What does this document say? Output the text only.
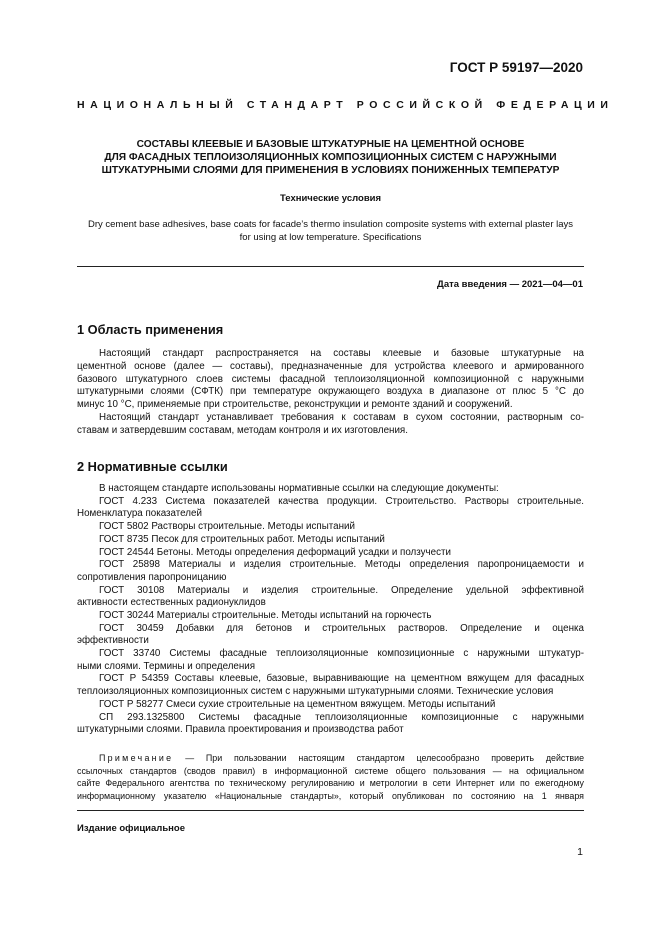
ГОСТ Р 59197—2020
НАЦИОНАЛЬНЫЙ СТАНДАРТ РОССИЙСКОЙ ФЕДЕРАЦИИ
СОСТАВЫ КЛЕЕВЫЕ И БАЗОВЫЕ ШТУКАТУРНЫЕ НА ЦЕМЕНТНОЙ ОСНОВЕ
ДЛЯ ФАСАДНЫХ ТЕПЛОИЗОЛЯЦИОННЫХ КОМПОЗИЦИОННЫХ СИСТЕМ С НАРУЖНЫМИ
ШТУКАТУРНЫМИ СЛОЯМИ ДЛЯ ПРИМЕНЕНИЯ В УСЛОВИЯХ ПОНИЖЕННЫХ ТЕМПЕРАТУР
Технические условия
Dry cement base adhesives, base coats for facade’s thermo insulation composite systems with external plaster lays
for using at low temperature. Specifications
Дата введения — 2021—04—01
1 Область применения
Настоящий стандарт распространяется на составы клеевые и базовые штукатурные на
цементной основе (далее — составы), предназначенные для устройства клеевого и армированного
базового штукатурного слоев системы фасадной теплоизоляционной композиционной с наружными
штукатурными слоями (СФТК) при температуре окружающего воздуха в диапазоне от плюс 5 °С до
минус 10 °С, применяемые при строительстве, реконструкции и ремонте зданий и сооружений.
Настоящий стандарт устанавливает требования к составам в сухом состоянии, растворным со-
ставам и затвердевшим составам, методам контроля и их изготовления.
2 Нормативные ссылки
В настоящем стандарте использованы нормативные ссылки на следующие документы:
ГОСТ 4.233 Система показателей качества продукции. Строительство. Растворы строительные.
Номенклатура показателей
ГОСТ 5802 Растворы строительные. Методы испытаний
ГОСТ 8735 Песок для строительных работ. Методы испытаний
ГОСТ 24544 Бетоны. Методы определения деформаций усадки и ползучести
ГОСТ 25898 Материалы и изделия строительные. Методы определения паропроницаемости и
сопротивления паропроницанию
ГОСТ 30108 Материалы и изделия строительные. Определение удельной эффективной
активности естественных радионуклидов
ГОСТ 30244 Материалы строительные. Методы испытаний на горючесть
ГОСТ 30459 Добавки для бетонов и строительных растворов. Определение и оценка
эффективности
ГОСТ 33740 Системы фасадные теплоизоляционные композиционные с наружными штукатур-
ными слоями. Термины и определения
ГОСТ Р 54359 Составы клеевые, базовые, выравнивающие на цементном вяжущем для фасадных
теплоизоляционных композиционных систем с наружными штукатурными слоями. Технические условия
ГОСТ Р 58277 Смеси сухие строительные на цементном вяжущем. Методы испытаний
СП 293.1325800 Системы фасадные теплоизоляционные композиционные с наружными
штукатурными слоями. Правила проектирования и производства работ
Примечание — При пользовании настоящим стандартом целесообразно проверить действие
ссылочных стандартов (сводов правил) в информационной системе общего пользования — на официальном
сайте Федерального агентства по техническому регулированию и метрологии в сети Интернет или по ежегодному
информационному указателю «Национальные стандарты», который опубликован по состоянию на 1 января
Издание официальное
1
